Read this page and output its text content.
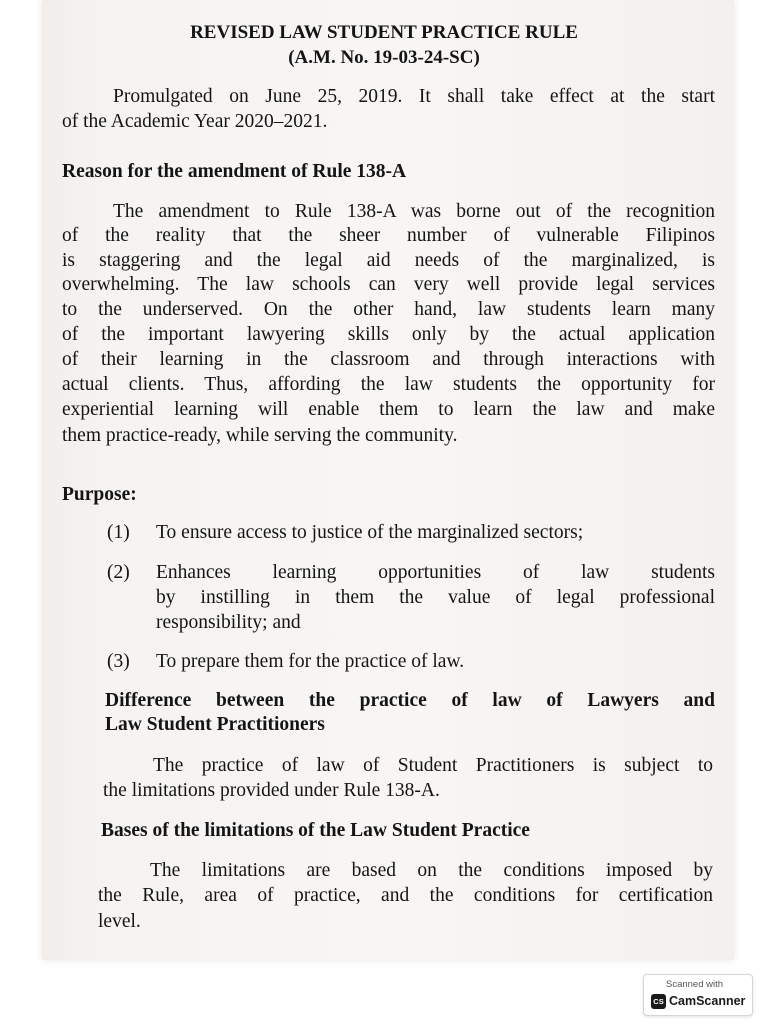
REVISED LAW STUDENT PRACTICE RULE
(A.M. No. 19-03-24-SC)
Promulgated on June 25, 2019. It shall take effect at the start
of the Academic Year 2020–2021.
Reason for the amendment of Rule 138-A
The amendment to Rule 138-A was borne out of the recognition
of the reality that the sheer number of vulnerable Filipinos
is staggering and the legal aid needs of the marginalized, is
overwhelming. The law schools can very well provide legal services
to the underserved. On the other hand, law students learn many
of the important lawyering skills only by the actual application
of their learning in the classroom and through interactions with
actual clients. Thus, affording the law students the opportunity for
experiential learning will enable them to learn the law and make
them practice-ready, while serving the community.
Purpose:
(1) To ensure access to justice of the marginalized sectors;
(2) Enhances learning opportunities of law students
by instilling in them the value of legal professional
responsibility; and
(3) To prepare them for the practice of law.
Difference between the practice of law of Lawyers and
Law Student Practitioners
The practice of law of Student Practitioners is subject to
the limitations provided under Rule 138-A.
Bases of the limitations of the Law Student Practice
The limitations are based on the conditions imposed by
the Rule, area of practice, and the conditions for certification
level.
Scanned with
CS CamScanner
